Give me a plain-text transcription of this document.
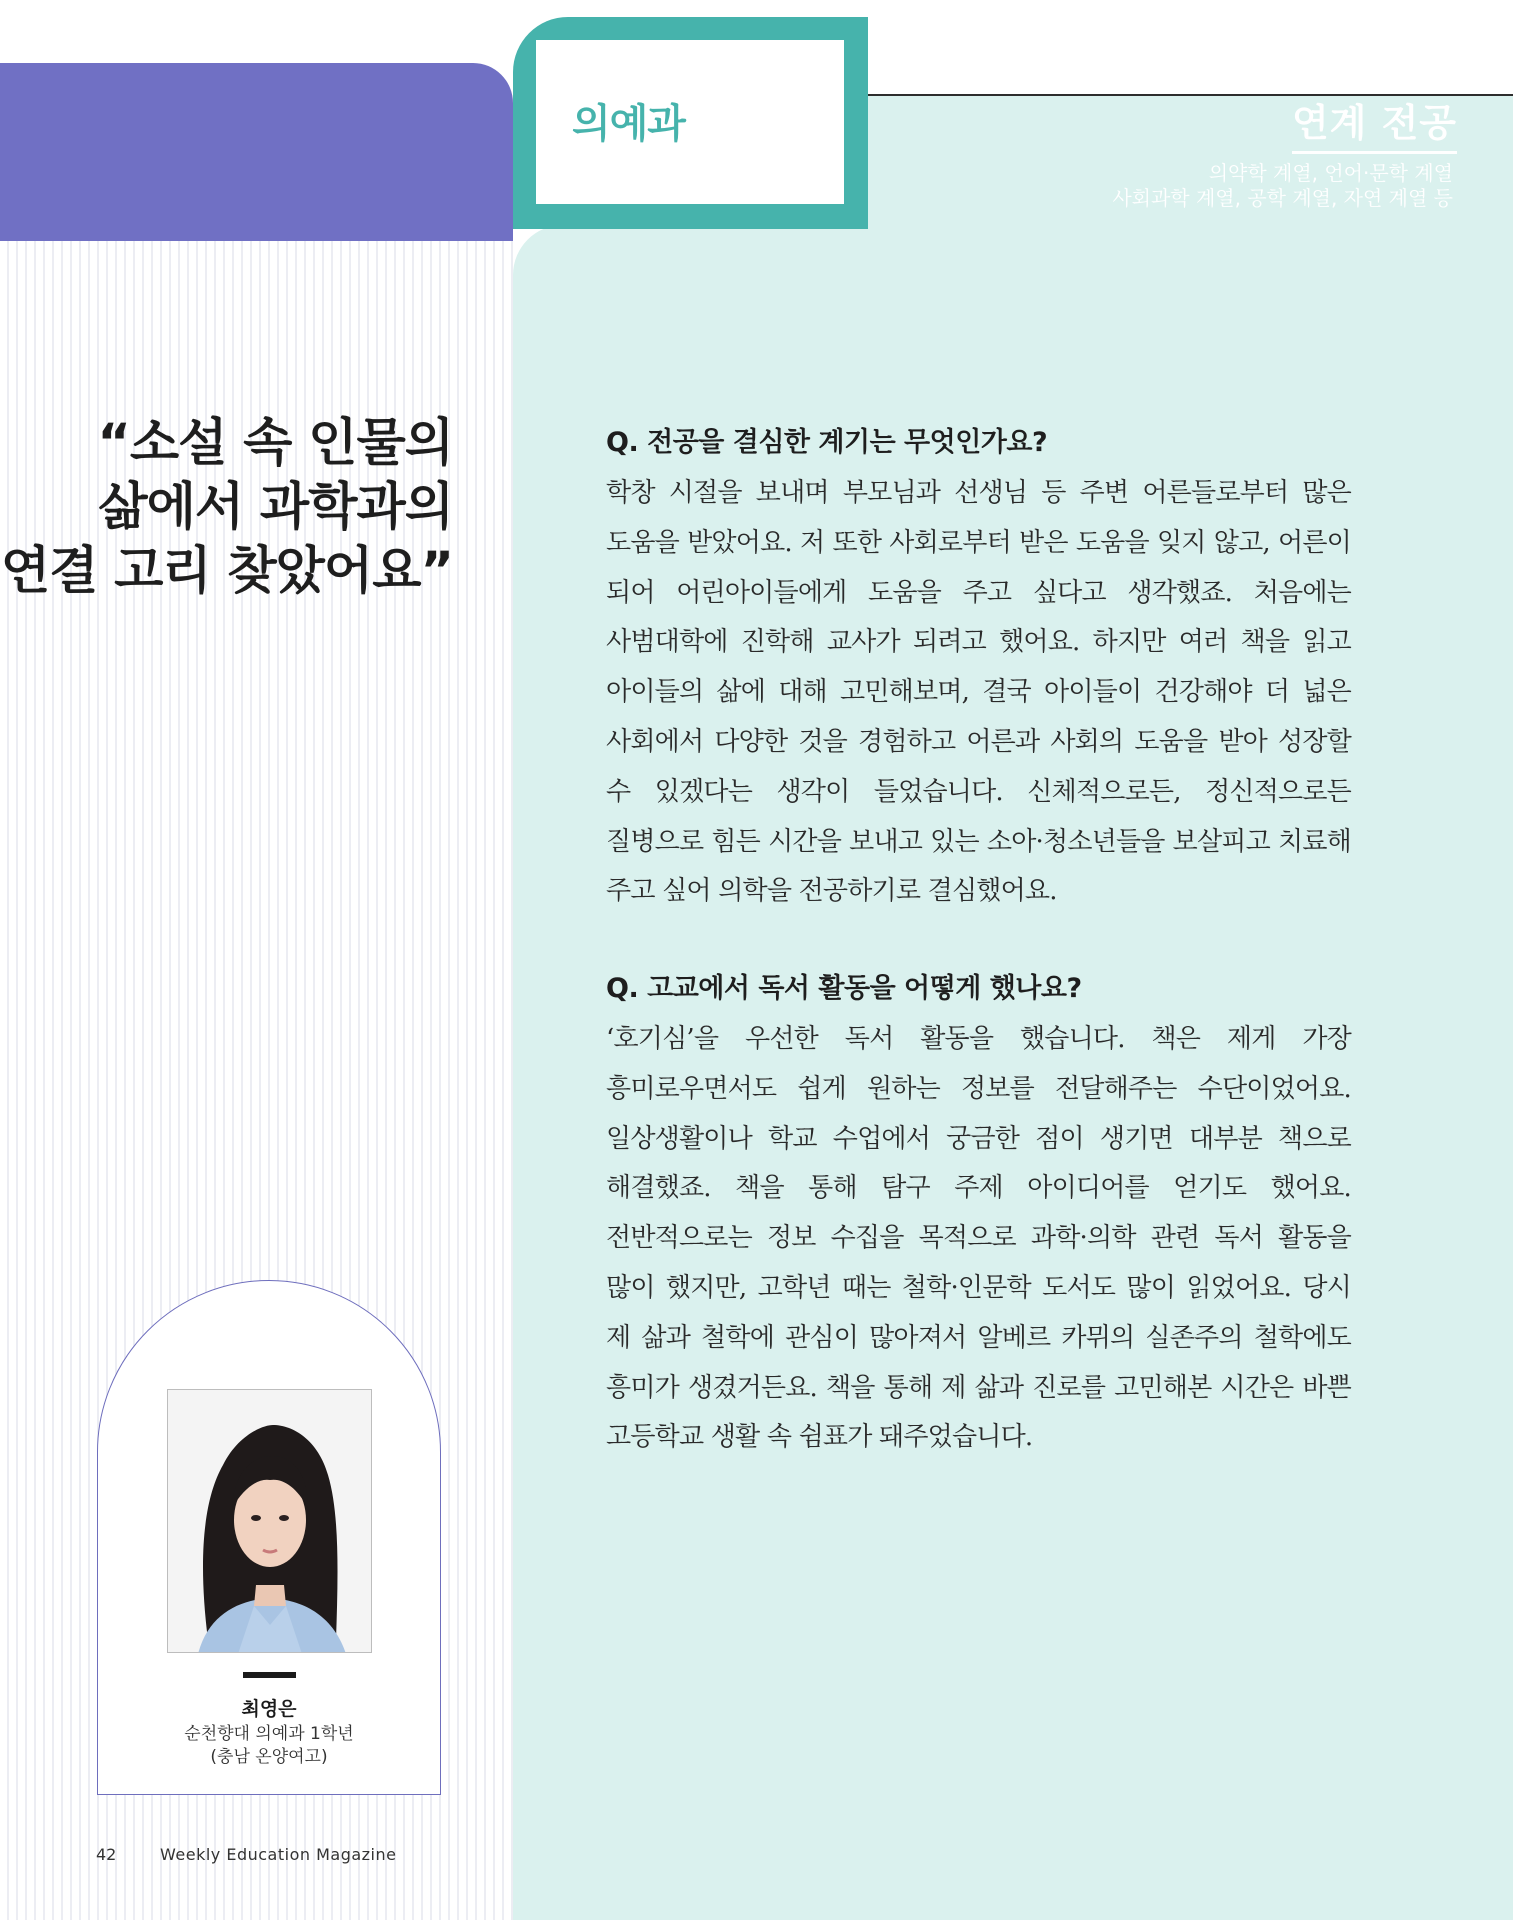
연계 전공
의약학 계열, 언어·문학 계열
사회과학 계열, 공학 계열, 자연 계열 등
의예과
“소설 속 인물의
삶에서 과학과의
연결 고리 찾았어요”

Q. 전공을 결심한 계기는 무엇인가요?

학창 시절을 보내며 부모님과 선생님 등 주변 어른들로부터 많은 도움을 받았어요. 저 또한 사회로부터 받은 도움을 잊지 않고, 어른이 되어 어린아이들에게 도움을 주고 싶다고 생각했죠. 처음에는 사범대학에 진학해 교사가 되려고 했어요. 하지만 여러 책을 읽고 아이들의 삶에 대해 고민해보며, 결국 아이들이 건강해야 더 넓은 사회에서 다양한 것을 경험하고 어른과 사회의 도움을 받아 성장할 수 있겠다는 생각이 들었습니다. 신체적으로든, 정신적으로든 질병으로 힘든 시간을 보내고 있는 소아·청소년들을 보살피고 치료해 주고 싶어 의학을 전공하기로 결심했어요.

Q. 고교에서 독서 활동을 어떻게 했나요?

‘호기심’을 우선한 독서 활동을 했습니다. 책은 제게 가장 흥미로우면서도 쉽게 원하는 정보를 전달해주는 수단이었어요. 일상생활이나 학교 수업에서 궁금한 점이 생기면 대부분 책으로 해결했죠. 책을 통해 탐구 주제 아이디어를 얻기도 했어요. 전반적으로는 정보 수집을 목적으로 과학·의학 관련 독서 활동을 많이 했지만, 고학년 때는 철학·인문학 도서도 많이 읽었어요. 당시 제 삶과 철학에 관심이 많아져서 알베르 카뮈의 실존주의 철학에도 흥미가 생겼거든요. 책을 통해 제 삶과 진로를 고민해본 시간은 바쁜 고등학교 생활 속 쉼표가 돼주었습니다.

최영은
순천향대 의예과 1학년
(충남 온양여고)
42	Weekly Education Magazine
